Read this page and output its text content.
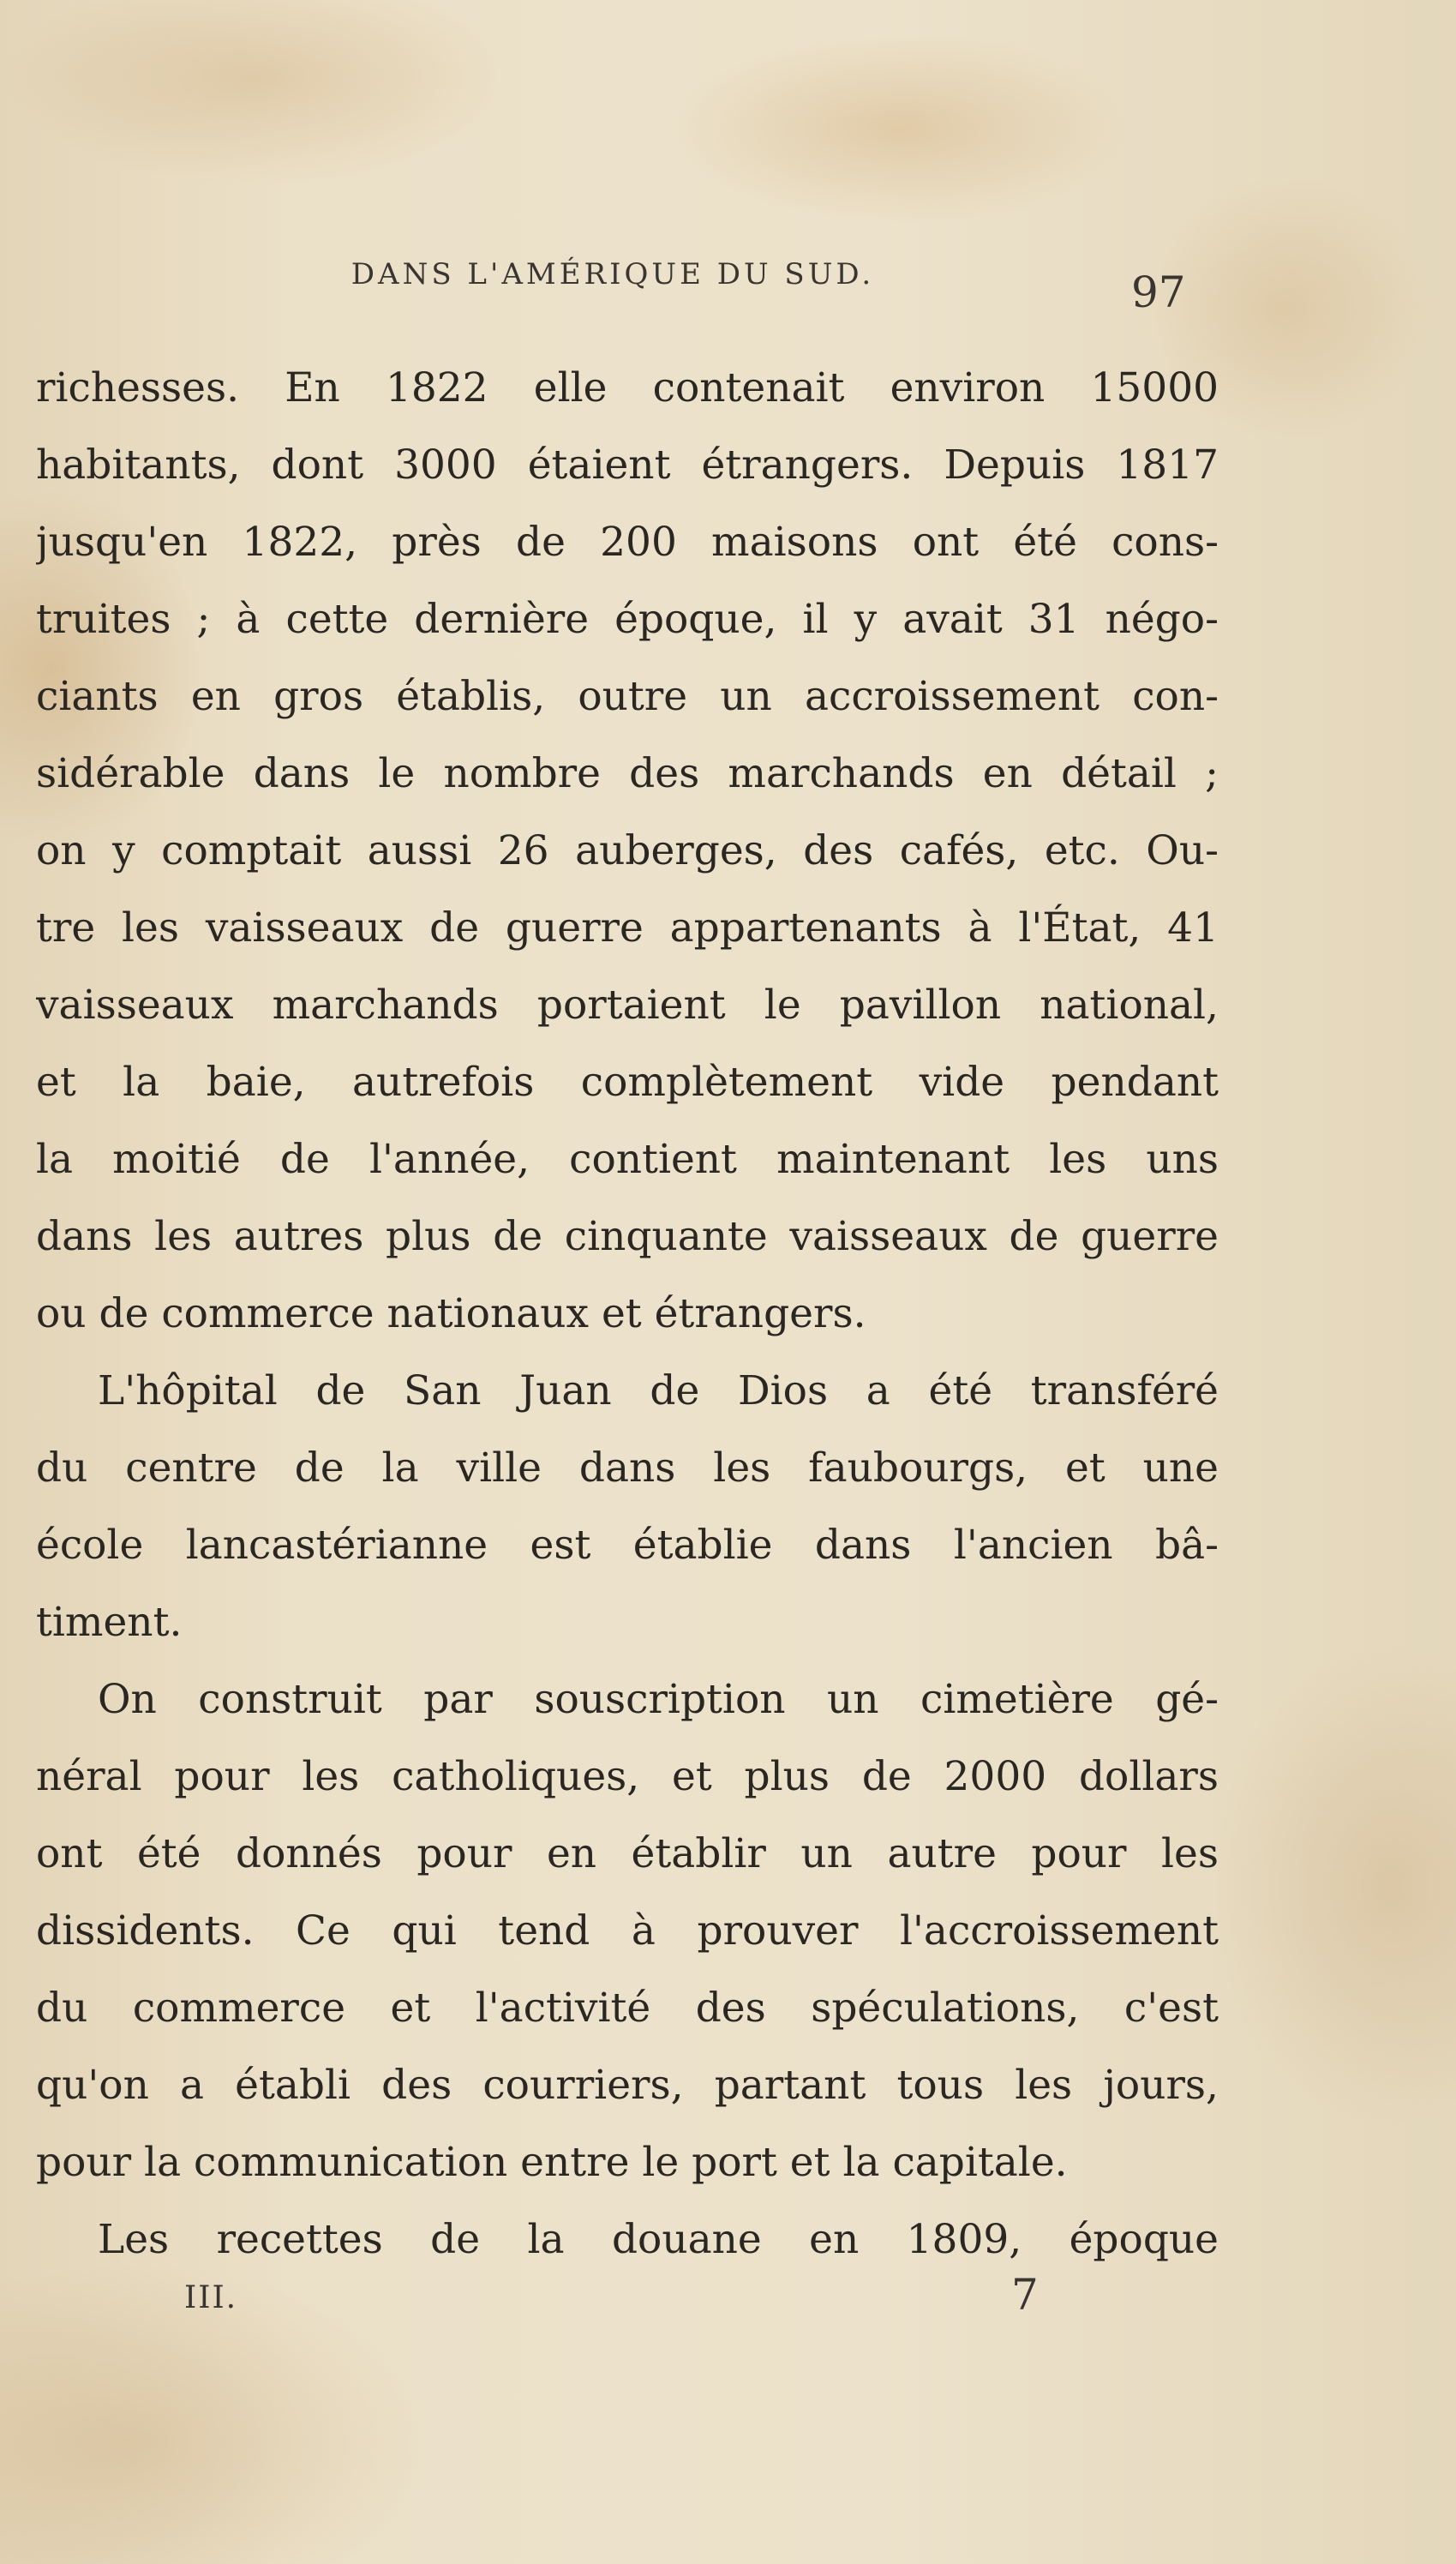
DANS L'AMÉRIQUE DU SUD.	97
richesses. En 1822 elle contenait environ 15000
habitants, dont 3000 étaient étrangers. Depuis 1817
jusqu'en 1822, près de 200 maisons ont été cons-
truites ; à cette dernière époque, il y avait 31 négo-
ciants en gros établis, outre un accroissement con-
sidérable dans le nombre des marchands en détail ;
on y comptait aussi 26 auberges, des cafés, etc. Ou-
tre les vaisseaux de guerre appartenants à l'État, 41
vaisseaux marchands portaient le pavillon national,
et la baie, autrefois complètement vide pendant
la moitié de l'année, contient maintenant les uns
dans les autres plus de cinquante vaisseaux de guerre
ou de commerce nationaux et étrangers.
L'hôpital de San Juan de Dios a été transféré
du centre de la ville dans les faubourgs, et une
école lancastérianne est établie dans l'ancien bâ-
timent.
On construit par souscription un cimetière gé-
néral pour les catholiques, et plus de 2000 dollars
ont été donnés pour en établir un autre pour les
dissidents. Ce qui tend à prouver l'accroissement
du commerce et l'activité des spéculations, c'est
qu'on a établi des courriers, partant tous les jours,
pour la communication entre le port et la capitale.
Les recettes de la douane en 1809, époque
III.	7
